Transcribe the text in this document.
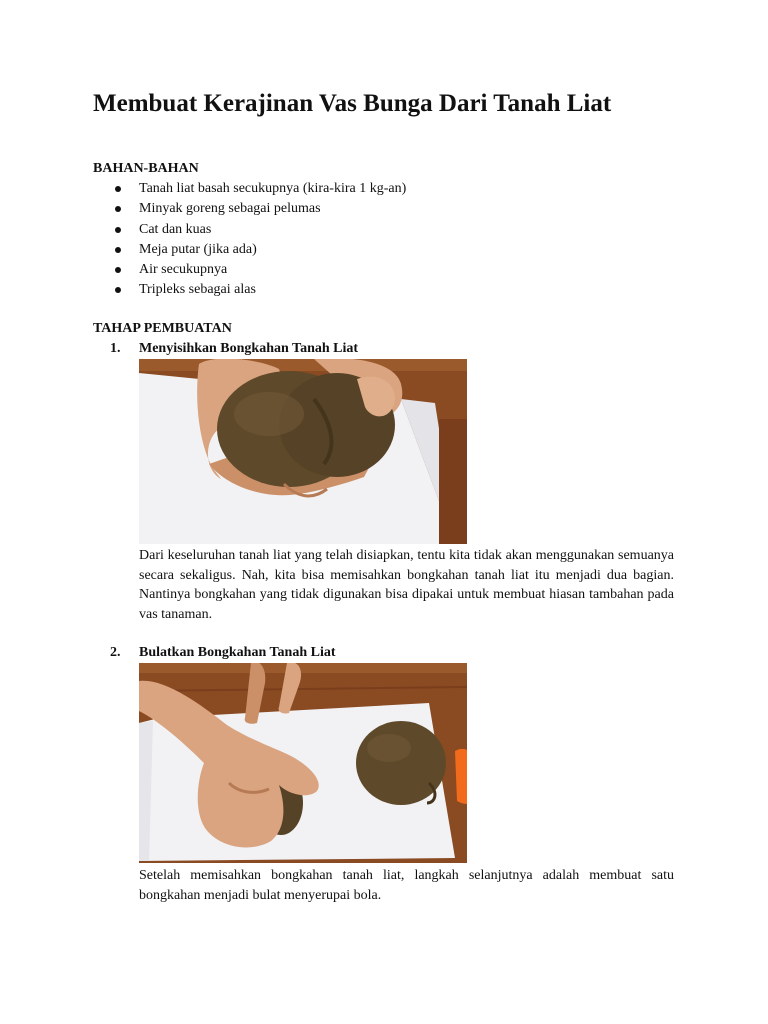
Membuat Kerajinan Vas Bunga Dari Tanah Liat
BAHAN-BAHAN
Tanah liat basah secukupnya (kira-kira 1 kg-an)
Minyak goreng sebagai pelumas
Cat dan kuas
Meja putar (jika ada)
Air secukupnya
Tripleks sebagai alas
TAHAP PEMBUATAN
1. Menyisihkan Bongkahan Tanah Liat

Dari keseluruhan tanah liat yang telah disiapkan, tentu kita tidak akan menggunakan semuanya secara sekaligus. Nah, kita bisa memisahkan bongkahan tanah liat itu menjadi dua bagian. Nantinya bongkahan yang tidak digunakan bisa dipakai untuk membuat hiasan tambahan pada vas tanaman.

2. Bulatkan Bongkahan Tanah Liat

Setelah memisahkan bongkahan tanah liat, langkah selanjutnya adalah membuat satu bongkahan menjadi bulat menyerupai bola.
